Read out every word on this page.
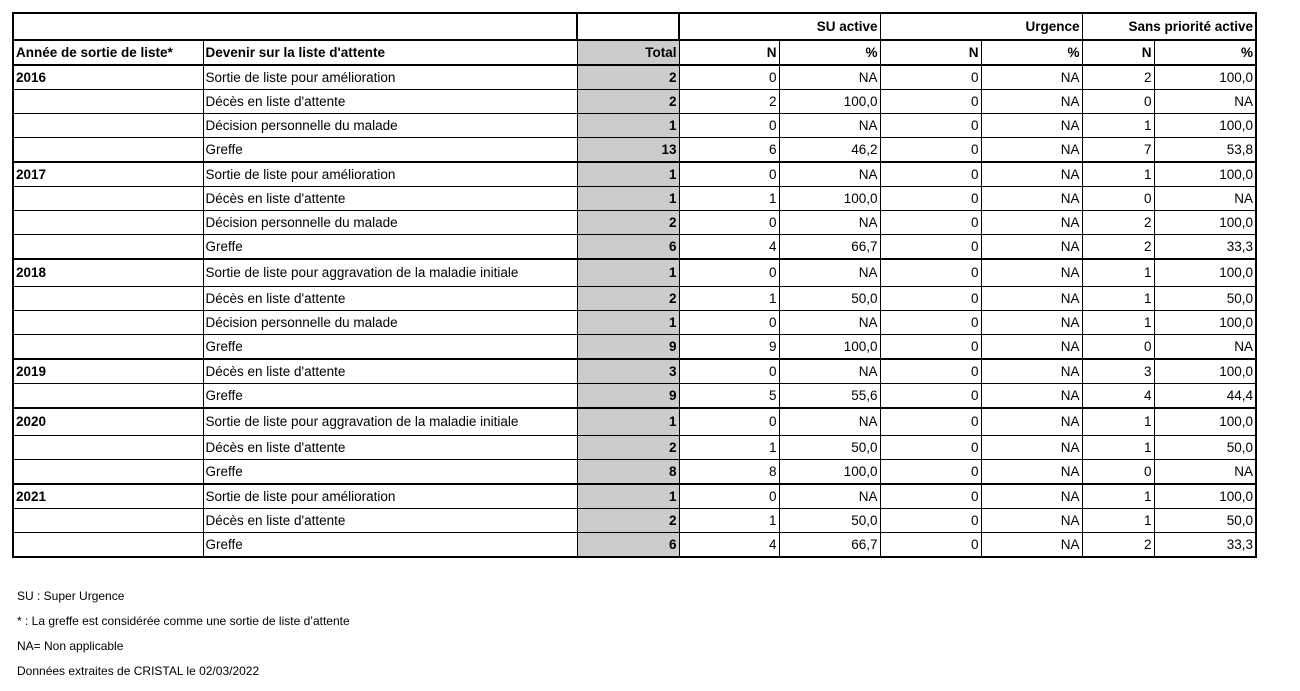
			SU active		Urgence		Sans priorité active	
Année de sortie de liste*	Devenir sur la liste d'attente	Total	N	%	N	%	N	%
2016	Sortie de liste pour amélioration	2	0	NA	0	NA	2	100,0
	Décès en liste d'attente	2	2	100,0	0	NA	0	NA
	Décision personnelle du malade	1	0	NA	0	NA	1	100,0
	Greffe	13	6	46,2	0	NA	7	53,8
2017	Sortie de liste pour amélioration	1	0	NA	0	NA	1	100,0
	Décès en liste d'attente	1	1	100,0	0	NA	0	NA
	Décision personnelle du malade	2	0	NA	0	NA	2	100,0
	Greffe	6	4	66,7	0	NA	2	33,3
2018	Sortie de liste pour aggravation de la maladie initiale	1	0	NA	0	NA	1	100,0
	Décès en liste d'attente	2	1	50,0	0	NA	1	50,0
	Décision personnelle du malade	1	0	NA	0	NA	1	100,0
	Greffe	9	9	100,0	0	NA	0	NA
2019	Décès en liste d'attente	3	0	NA	0	NA	3	100,0
	Greffe	9	5	55,6	0	NA	4	44,4
2020	Sortie de liste pour aggravation de la maladie initiale	1	0	NA	0	NA	1	100,0
	Décès en liste d'attente	2	1	50,0	0	NA	1	50,0
	Greffe	8	8	100,0	0	NA	0	NA
2021	Sortie de liste pour amélioration	1	0	NA	0	NA	1	100,0
	Décès en liste d'attente	2	1	50,0	0	NA	1	50,0
	Greffe	6	4	66,7	0	NA	2	33,3
SU : Super Urgence
* : La greffe est considérée comme une sortie de liste d’attente
NA= Non applicable
Données extraites de CRISTAL le 02/03/2022
